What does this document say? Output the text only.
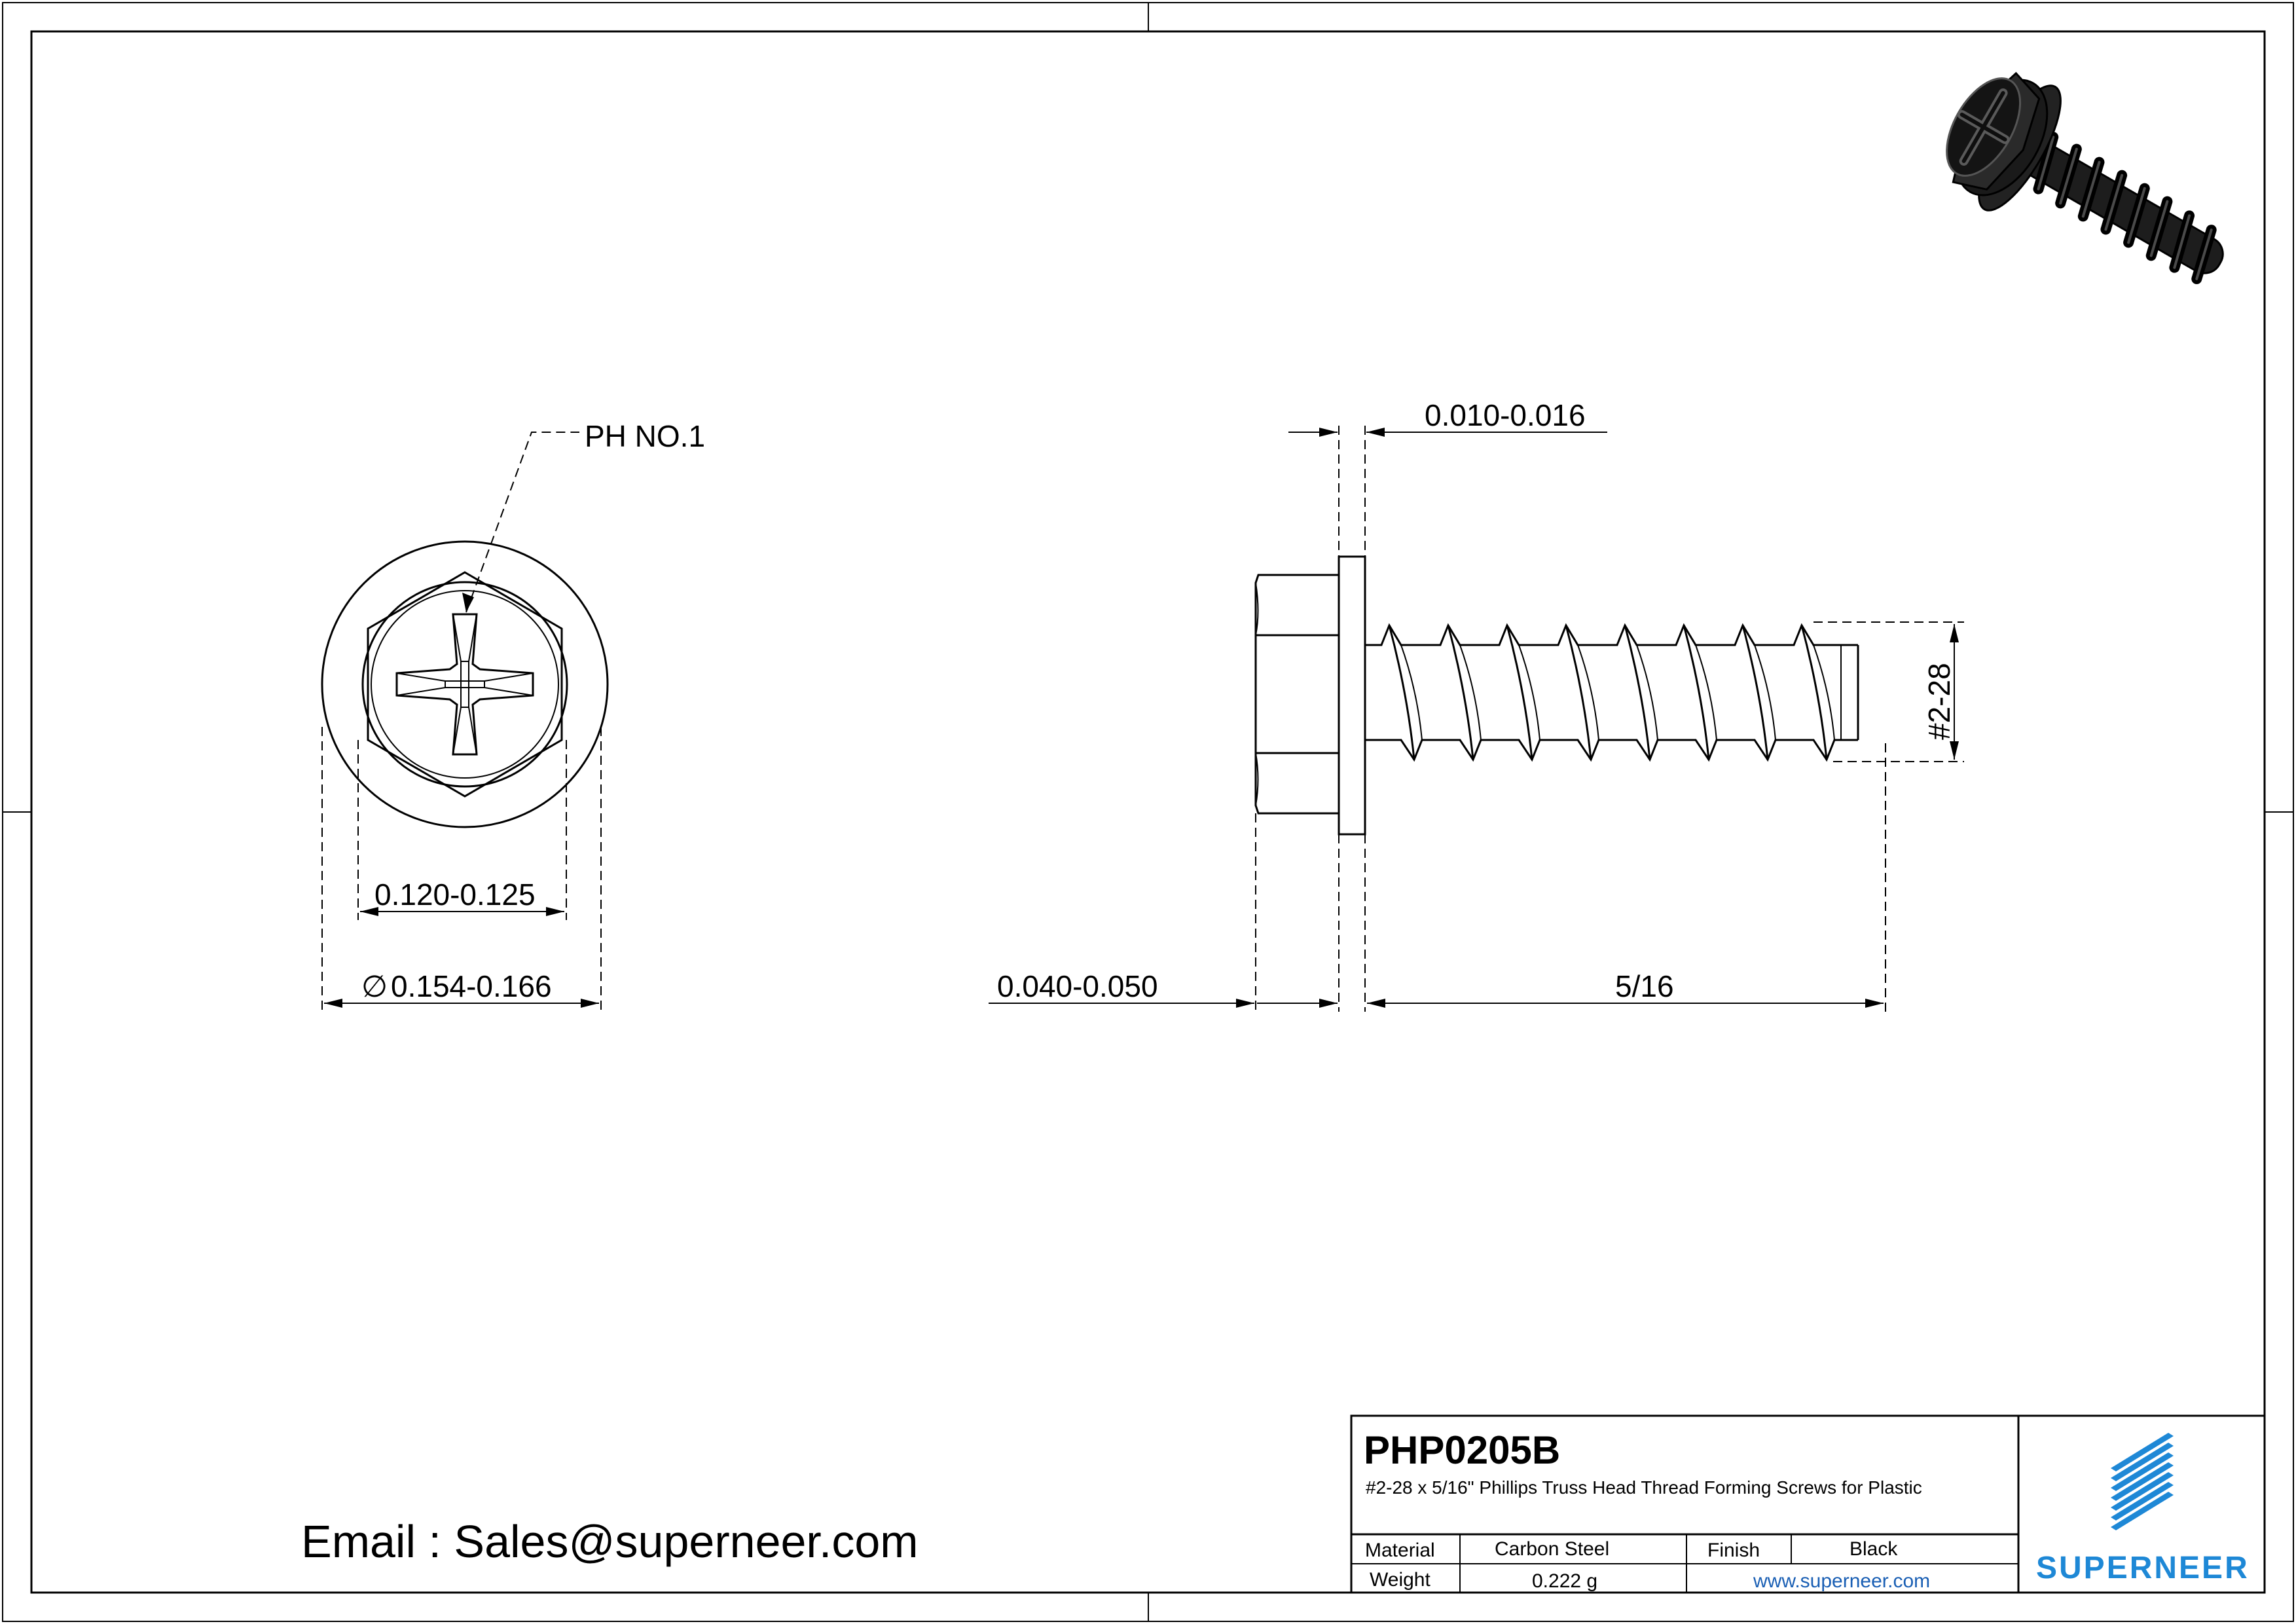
PH NO.1
0.120-0.125
∅ 0.154-0.166
0.010-0.016
0.040-0.050	5/16
#2-28
Email : Sales@superneer.com
PHP0205B
#2-28 x 5/16" Phillips Truss Head Thread Forming Screws for Plastic
Material	Carbon Steel	Finish	Black
Weight	0.222 g	www.superneer.com	SUPERNEER
